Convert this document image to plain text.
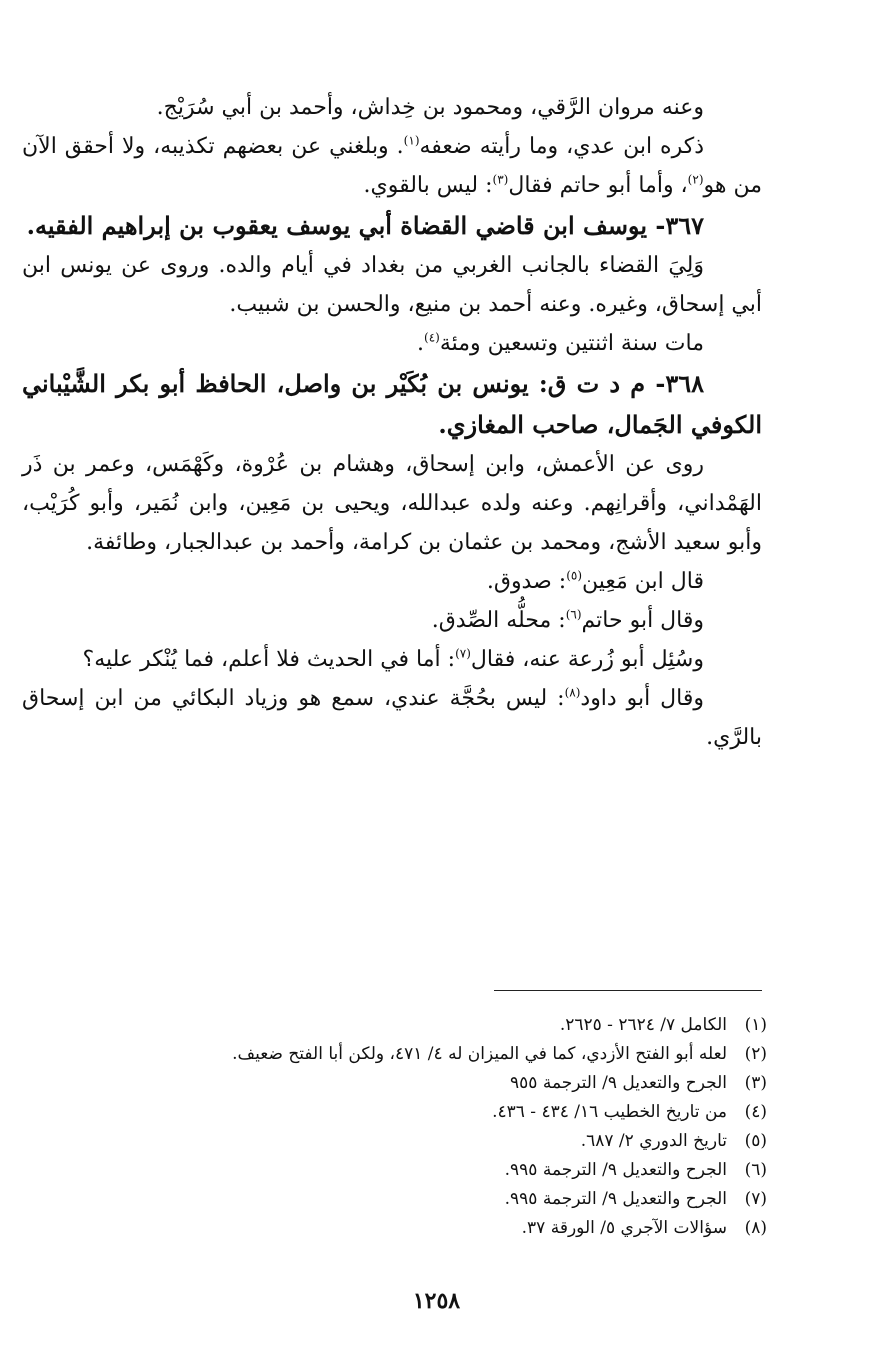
وعنه مروان الرَّقي، ومحمود بن خِداش، وأحمد بن أبي سُرَيْج.

ذكره ابن عدي، وما رأيته ضعفه$^{(١)}$. وبلغني عن بعضهم تكذيبه، ولا أحقق الآن من هو$^{(٢)}$، وأما أبو حاتم فقال$^{(٣)}$: ليس بالقوي.

٣٦٧- يوسف ابن قاضي القضاة أبي يوسف يعقوب بن إبراهيم الفقيه.

وَلِيَ القضاء بالجانب الغربي من بغداد في أيام والده. وروى عن يونس ابن أبي إسحاق، وغيره. وعنه أحمد بن منيع، والحسن بن شبيب.

مات سنة اثنتين وتسعين ومئة$^{(٤)}$.

٣٦٨- م د ت ق: يونس بن بُكَيْر بن واصل، الحافظ أبو بكر الشَّيْباني الكوفي الجَمال، صاحب المغازي.

روى عن الأعمش، وابن إسحاق، وهشام بن عُرْوة، وكَهْمَس، وعمر بن ذَر الهَمْداني، وأقرانِهم. وعنه ولده عبدالله، ويحيى بن مَعِين، وابن نُمَير، وأبو كُرَيْب، وأبو سعيد الأشج، ومحمد بن عثمان بن كرامة، وأحمد بن عبدالجبار، وطائفة.

قال ابن مَعِين$^{(٥)}$: صدوق.

وقال أبو حاتم$^{(٦)}$: محلُّه الصِّدق.

وسُئِل أبو زُرعة عنه، فقال$^{(٧)}$: أما في الحديث فلا أعلم، فما يُنْكر عليه؟

وقال أبو داود$^{(٨)}$: ليس بحُجَّة عندي، سمع هو وزياد البكائي من ابن إسحاق بالرَّي.

(١)
الكامل ٧/ ٢٦٢٤ - ٢٦٢٥.
(٢)
لعله أبو الفتح الأزدي، كما في الميزان له ٤/ ٤٧١، ولكن أبا الفتح ضعيف.
(٣)
الجرح والتعديل ٩/ الترجمة ٩٥٥
(٤)
من تاريخ الخطيب ١٦/ ٤٣٤ - ٤٣٦.
(٥)
تاريخ الدوري ٢/ ٦٨٧.
(٦)
الجرح والتعديل ٩/ الترجمة ٩٩٥.
(٧)
الجرح والتعديل ٩/ الترجمة ٩٩٥.
(٨)
سؤالات الآجري ٥/ الورقة ٣٧.
١٢٥٨
